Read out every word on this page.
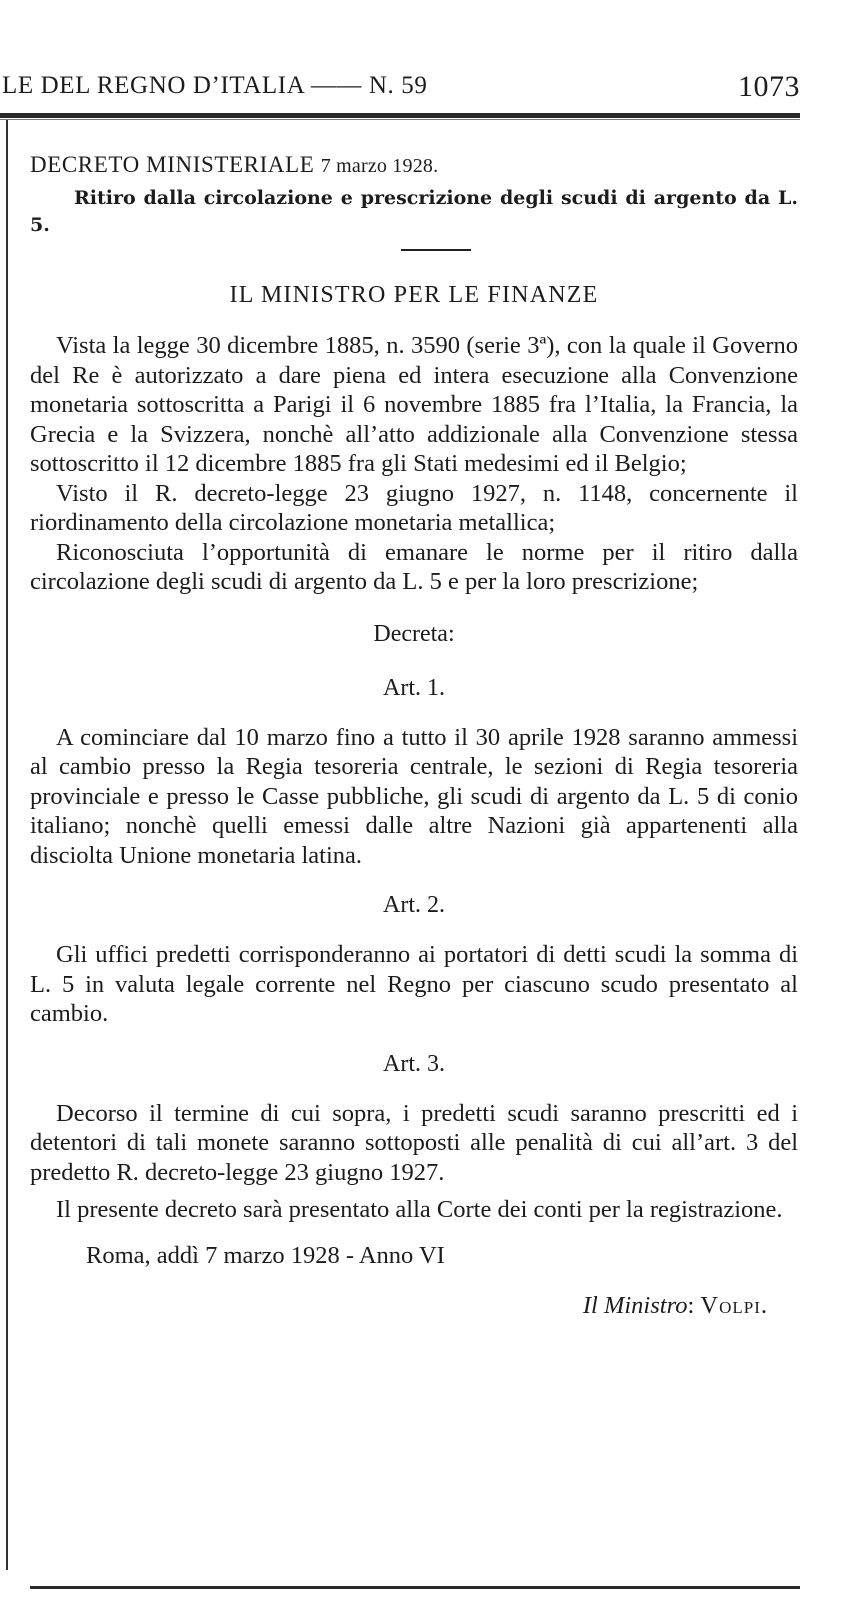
LE DEL REGNO D’ITALIA —— N. 59	1073

DECRETO MINISTERIALE 7 marzo 1928.

Ritiro dalla circolazione e prescrizione degli scudi di argento da L. 5.

IL MINISTRO PER LE FINANZE

Vista la legge 30 dicembre 1885, n. 3590 (serie 3ª), con la quale il Governo del Re è autorizzato a dare piena ed intera esecuzione alla Convenzione monetaria sottoscritta a Parigi il 6 novembre 1885 fra l’Italia, la Francia, la Grecia e la Svizzera, nonchè all’atto addizionale alla Convenzione stessa sottoscritto il 12 dicembre 1885 fra gli Stati medesimi ed il Belgio;

Visto il R. decreto-legge 23 giugno 1927, n. 1148, concernente il riordinamento della circolazione monetaria metallica;

Riconosciuta l’opportunità di emanare le norme per il ritiro dalla circolazione degli scudi di argento da L. 5 e per la loro prescrizione;

Decreta:

Art. 1.

A cominciare dal 10 marzo fino a tutto il 30 aprile 1928 saranno ammessi al cambio presso la Regia tesoreria centrale, le sezioni di Regia tesoreria provinciale e presso le Casse pubbliche, gli scudi di argento da L. 5 di conio italiano; nonchè quelli emessi dalle altre Nazioni già appartenenti alla disciolta Unione monetaria latina.

Art. 2.

Gli uffici predetti corrisponderanno ai portatori di detti scudi la somma di L. 5 in valuta legale corrente nel Regno per ciascuno scudo presentato al cambio.

Art. 3.

Decorso il termine di cui sopra, i predetti scudi saranno prescritti ed i detentori di tali monete saranno sottoposti alle penalità di cui all’art. 3 del predetto R. decreto-legge 23 giugno 1927.

Il presente decreto sarà presentato alla Corte dei conti per la registrazione.

Roma, addì 7 marzo 1928 - Anno VI

Il Ministro: Volpi.
